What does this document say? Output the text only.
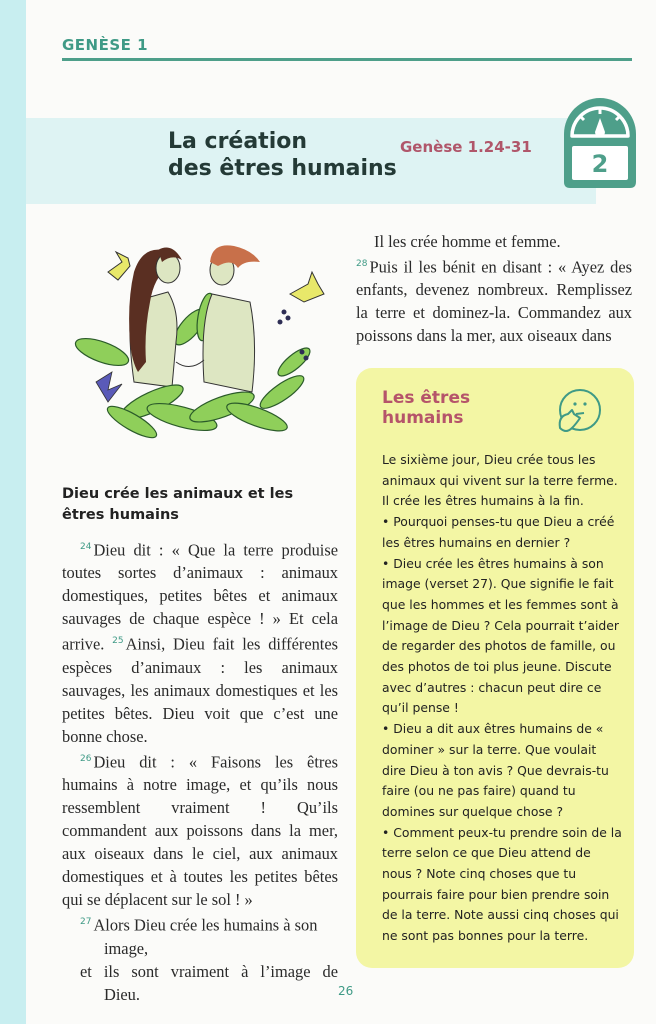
GENÈSE 1
La création
des êtres humains
Genèse 1.24-31
2
Dieu crée les animaux et les êtres humains

$^{24}$ Dieu dit : « Que la terre produise toutes sortes d’animaux : animaux domestiques, petites bêtes et animaux sauvages de chaque espèce ! » Et cela arrive. $^{25}$ Ainsi, Dieu fait les différentes espèces d’animaux : les animaux sauvages, les animaux domestiques et les petites bêtes. Dieu voit que c’est une bonne chose.

$^{26}$ Dieu dit : « Faisons les êtres humains à notre image, et qu’ils nous ressemblent vraiment ! Qu’ils commandent aux poissons dans la mer, aux oiseaux dans le ciel, aux animaux domestiques et à toutes les petites bêtes qui se déplacent sur le sol ! »

$^{27}$ Alors Dieu crée les humains à son
image,
et ils sont vraiment à l’image de
Dieu.

Il les crée homme et femme.

$^{28}$ Puis il les bénit en disant : « Ayez des enfants, devenez nombreux. Remplissez la terre et dominez-la. Commandez aux poissons dans la mer, aux oiseaux dans

Les êtres
humains

Le sixième jour, Dieu crée tous les animaux qui vivent sur la terre ferme. Il crée les êtres humains à la fin.

• Pourquoi penses-tu que Dieu a créé les êtres humains en dernier ?

• Dieu crée les êtres humains à son image (verset 27). Que signifie le fait que les hommes et les femmes sont à l’image de Dieu ? Cela pourrait t’aider de regarder des photos de famille, ou des photos de toi plus jeune. Discute avec d’autres : chacun peut dire ce qu’il pense !

• Dieu a dit aux êtres humains de « dominer » sur la terre. Que voulait dire Dieu à ton avis ? Que devrais-tu faire (ou ne pas faire) quand tu domines sur quelque chose ?

• Comment peux-tu prendre soin de la terre selon ce que Dieu attend de nous ? Note cinq choses que tu pourrais faire pour bien prendre soin de la terre. Note aussi cinq choses qui ne sont pas bonnes pour la terre.

26
